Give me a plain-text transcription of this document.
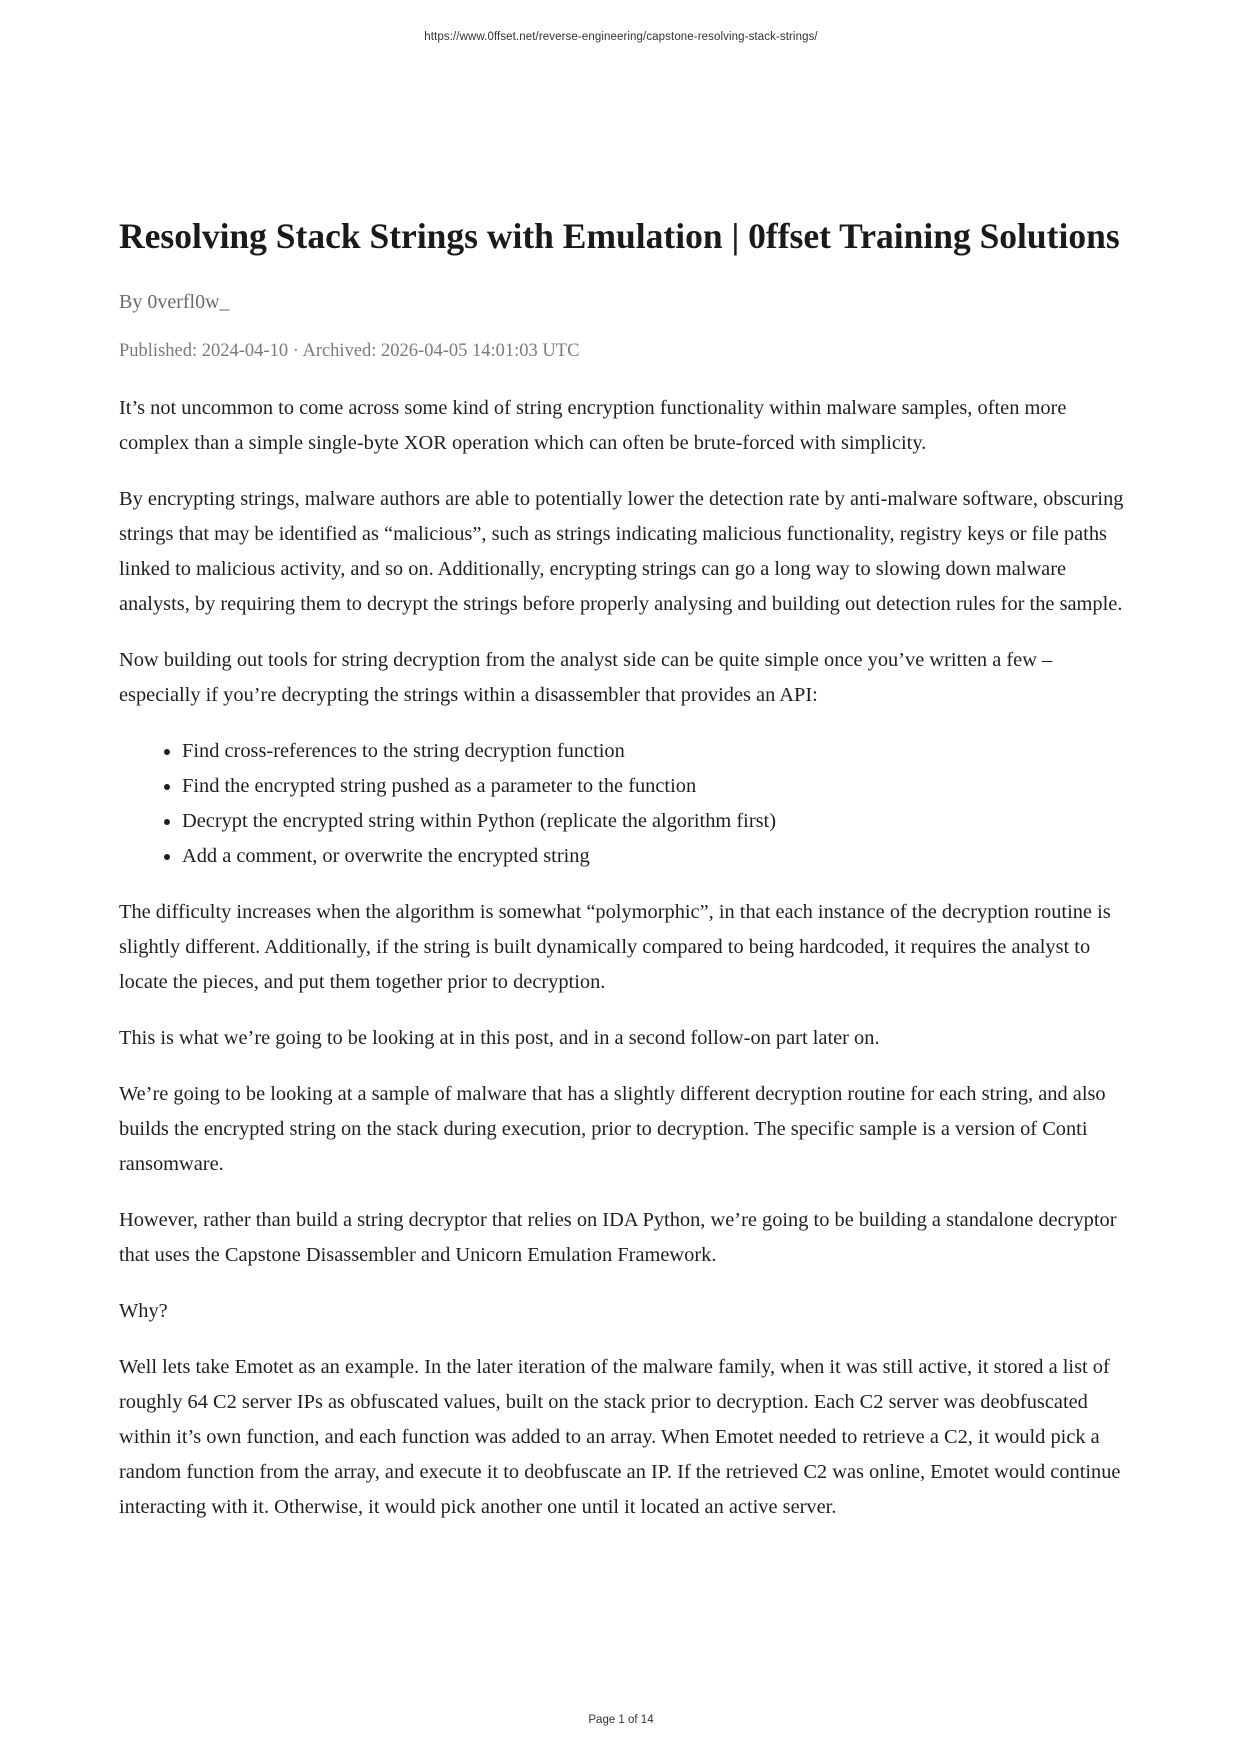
https://www.0ffset.net/reverse-engineering/capstone-resolving-stack-strings/
Resolving Stack Strings with Emulation | 0ffset Training Solutions

By 0verfl0w_

Published: 2024-04-10 · Archived: 2026-04-05 14:01:03 UTC

It’s not uncommon to come across some kind of string encryption functionality within malware samples, often more complex than a simple single-byte XOR operation which can often be brute-forced with simplicity.

By encrypting strings, malware authors are able to potentially lower the detection rate by anti-malware software, obscuring strings that may be identified as “malicious”, such as strings indicating malicious functionality, registry keys or file paths linked to malicious activity, and so on. Additionally, encrypting strings can go a long way to slowing down malware analysts, by requiring them to decrypt the strings before properly analysing and building out detection rules for the sample.

Now building out tools for string decryption from the analyst side can be quite simple once you’ve written a few – especially if you’re decrypting the strings within a disassembler that provides an API:

• Find cross-references to the string decryption function
• Find the encrypted string pushed as a parameter to the function
• Decrypt the encrypted string within Python (replicate the algorithm first)
• Add a comment, or overwrite the encrypted string

The difficulty increases when the algorithm is somewhat “polymorphic”, in that each instance of the decryption routine is slightly different. Additionally, if the string is built dynamically compared to being hardcoded, it requires the analyst to locate the pieces, and put them together prior to decryption.

This is what we’re going to be looking at in this post, and in a second follow-on part later on.

We’re going to be looking at a sample of malware that has a slightly different decryption routine for each string, and also builds the encrypted string on the stack during execution, prior to decryption. The specific sample is a version of Conti ransomware.

However, rather than build a string decryptor that relies on IDA Python, we’re going to be building a standalone decryptor that uses the Capstone Disassembler and Unicorn Emulation Framework.

Why?

Well lets take Emotet as an example. In the later iteration of the malware family, when it was still active, it stored a list of roughly 64 C2 server IPs as obfuscated values, built on the stack prior to decryption. Each C2 server was deobfuscated within it’s own function, and each function was added to an array. When Emotet needed to retrieve a C2, it would pick a random function from the array, and execute it to deobfuscate an IP. If the retrieved C2 was online, Emotet would continue interacting with it. Otherwise, it would pick another one until it located an active server.

Page 1 of 14
